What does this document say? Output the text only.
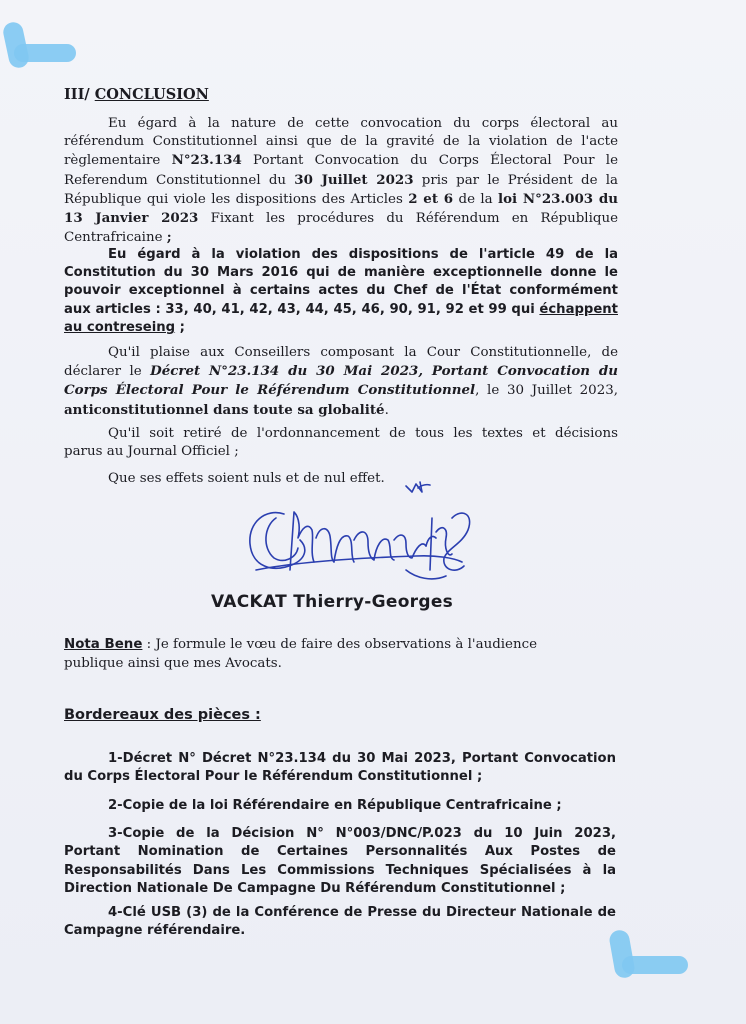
III/ CONCLUSION
Eu égard à la nature de cette convocation du corps électoral au
référendum Constitutionnel ainsi que de la gravité de la violation de l'acte
règlementaire N°23.134 Portant Convocation du Corps Électoral Pour le
Referendum Constitutionnel du 30 Juillet 2023 pris par le Président de la
République qui viole les dispositions des Articles 2 et 6 de la loi N°23.003 du
13 Janvier 2023 Fixant les procédures du Référendum en République
Centrafricaine ;
Eu égard à la violation des dispositions de l'article 49 de la
Constitution du 30 Mars 2016 qui de manière exceptionnelle donne le
pouvoir exceptionnel à certains actes du Chef de l'État conformément
aux articles : 33, 40, 41, 42, 43, 44, 45, 46, 90, 91, 92 et 99 qui échappent
au contreseing ;
Qu'il plaise aux Conseillers composant la Cour Constitutionnelle, de
déclarer le Décret N°23.134 du 30 Mai 2023, Portant Convocation du
Corps Électoral Pour le Référendum Constitutionnel, le 30 Juillet 2023,
anticonstitutionnel dans toute sa globalité.
Qu'il soit retiré de l'ordonnancement de tous les textes et décisions
parus au Journal Officiel ;
Que ses effets soient nuls et de nul effet.
VACKAT Thierry-Georges
Nota Bene : Je formule le vœu de faire des observations à l'audience
publique ainsi que mes Avocats.
Bordereaux des pièces :
1-Décret N° Décret N°23.134 du 30 Mai 2023, Portant Convocation
du Corps Électoral Pour le Référendum Constitutionnel ;
2-Copie de la loi Référendaire en République Centrafricaine ;
3-Copie de la Décision N° N°003/DNC/P.023 du 10 Juin 2023,
Portant Nomination de Certaines Personnalités Aux Postes de
Responsabilités Dans Les Commissions Techniques Spécialisées à la
Direction Nationale De Campagne Du Référendum Constitutionnel ;
4-Clé USB (3) de la Conférence de Presse du Directeur Nationale de
Campagne référendaire.
